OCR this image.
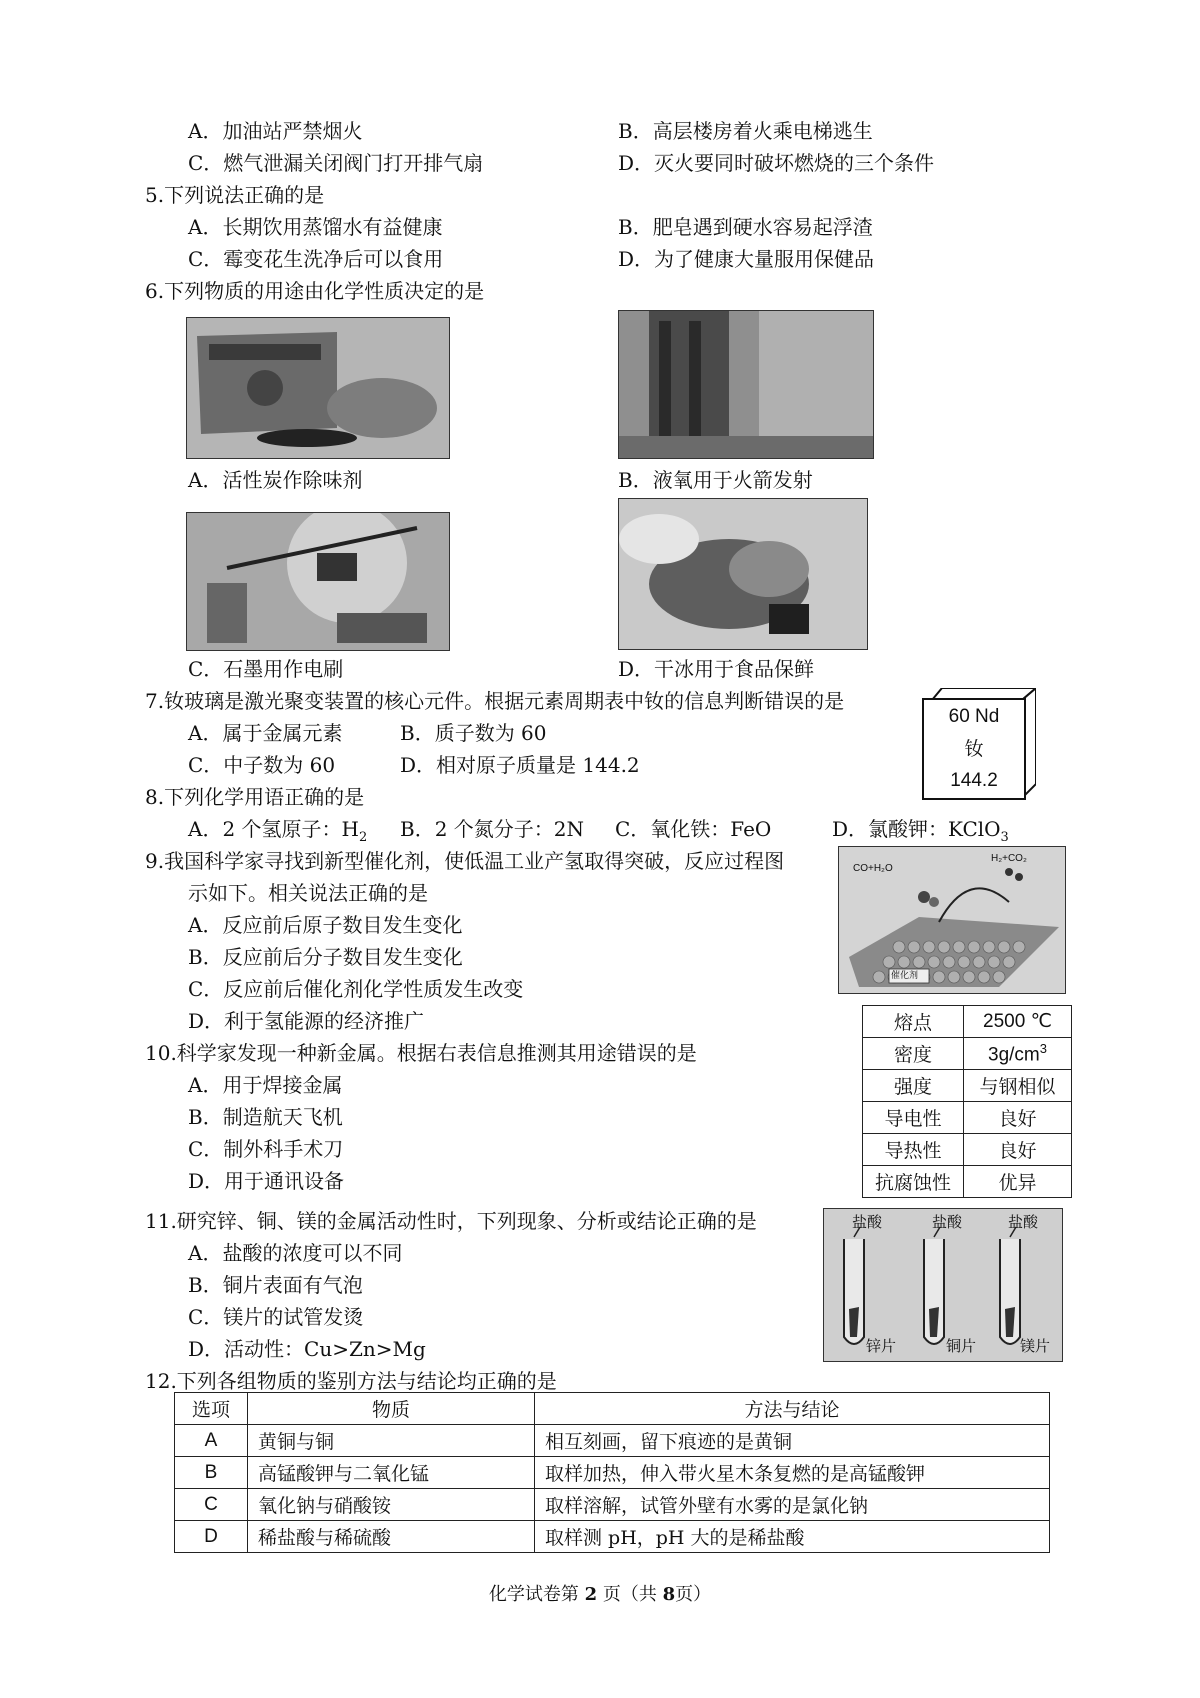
A．加油站严禁烟火	B．高层楼房着火乘电梯逃生
C．燃气泄漏关闭阀门打开排气扇	D．灭火要同时破坏燃烧的三个条件
5.下列说法正确的是
A．长期饮用蒸馏水有益健康	B．肥皂遇到硬水容易起浮渣
C．霉变花生洗净后可以食用	D．为了健康大量服用保健品
6.下列物质的用途由化学性质决定的是
A．活性炭作除味剂	B．液氧用于火箭发射
C．石墨用作电刷	D．干冰用于食品保鲜
7.钕玻璃是激光聚变装置的核心元件。根据元素周期表中钕的信息判断错误的是
A．属于金属元素	B．质子数为 60
C．中子数为 60	D．相对原子质量是 144.2
60 Nd
钕
144.2
8.下列化学用语正确的是
A．2 个氢原子：$H_2$ B．2 个氮分子：2N C．氧化铁：FeO	D．氯酸钾：KClO$_3$
9.我国科学家寻找到新型催化剂，使低温工业产氢取得突破，反应过程图
示如下。相关说法正确的是
A．反应前后原子数目发生变化
B．反应前后分子数目发生变化
C．反应前后催化剂化学性质发生改变
D．利于氢能源的经济推广
CO+H₂O
H₂+CO₂
催化剂
10.科学家发现一种新金属。根据右表信息推测其用途错误的是
A．用于焊接金属
B．制造航天飞机
C．制外科手术刀
D．用于通讯设备
熔点	2500 ℃
密度	$3g/cm^3$
强度	与钢相似
导电性	良好
导热性	良好
抗腐蚀性	优异
11.研究锌、铜、镁的金属活动性时，下列现象、分析或结论正确的是
A．盐酸的浓度可以不同
B．铜片表面有气泡
C．镁片的试管发烫
D．活动性：Cu>Zn>Mg
盐酸	盐酸	盐酸
锌片	铜片	镁片
12.下列各组物质的鉴别方法与结论均正确的是
选项	物质	方法与结论
A	黄铜与铜	相互刻画，留下痕迹的是黄铜
B	高锰酸钾与二氧化锰	取样加热，伸入带火星木条复燃的是高锰酸钾
C	氧化钠与硝酸铵	取样溶解，试管外壁有水雾的是氯化钠
D	稀盐酸与稀硫酸	取样测 pH，pH 大的是稀盐酸
化学试卷第 2 页（共 8页）
